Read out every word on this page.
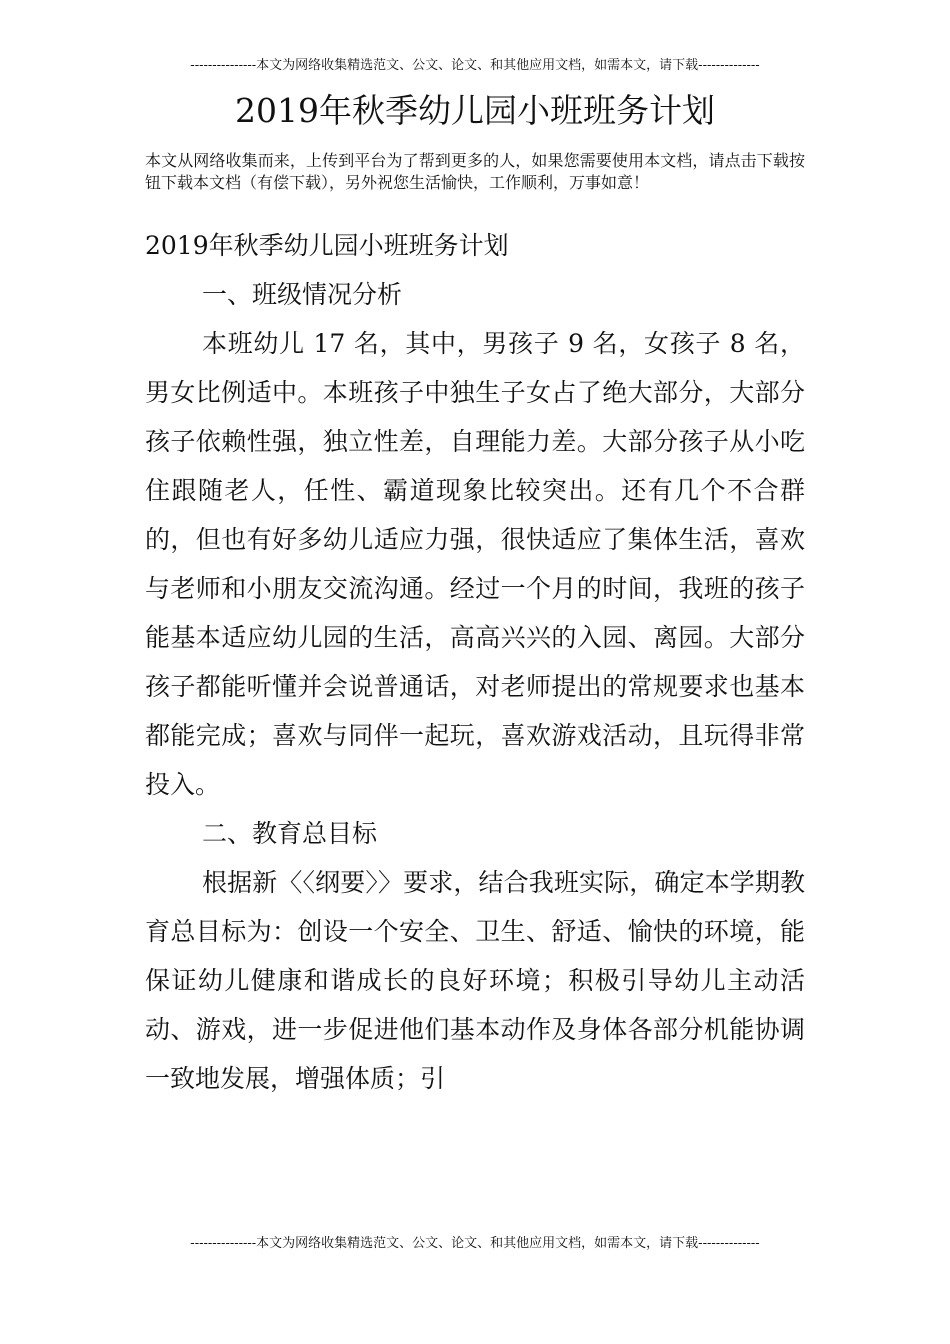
---------------本文为网络收集精选范文、公文、论文、和其他应用文档，如需本文，请下载--------------
2019年秋季幼儿园小班班务计划
本文从网络收集而来，上传到平台为了帮到更多的人，如果您需要使用本文档，请点击下载按钮下载本文档（有偿下载），另外祝您生活愉快，工作顺利，万事如意！

2019年秋季幼儿园小班班务计划

一、班级情况分析

本班幼儿 17 名，其中，男孩子 9 名，女孩子 8 名，男女比例适中。本班孩子中独生子女占了绝大部分，大部分孩子依赖性强，独立性差，自理能力差。大部分孩子从小吃住跟随老人，任性、霸道现象比较突出。还有几个不合群的，但也有好多幼儿适应力强，很快适应了集体生活，喜欢与老师和小朋友交流沟通。经过一个月的时间，我班的孩子能基本适应幼儿园的生活，高高兴兴的入园、离园。大部分孩子都能听懂并会说普通话，对老师提出的常规要求也基本都能完成；喜欢与同伴一起玩，喜欢游戏活动，且玩得非常投入。

二、教育总目标

根据新〈〈纲要〉〉要求，结合我班实际，确定本学期教育总目标为：创设一个安全、卫生、舒适、愉快的环境，能保证幼儿健康和谐成长的良好环境；积极引导幼儿主动活动、游戏，进一步促进他们基本动作及身体各部分机能协调一致地发展，增强体质；引

---------------本文为网络收集精选范文、公文、论文、和其他应用文档，如需本文，请下载--------------
